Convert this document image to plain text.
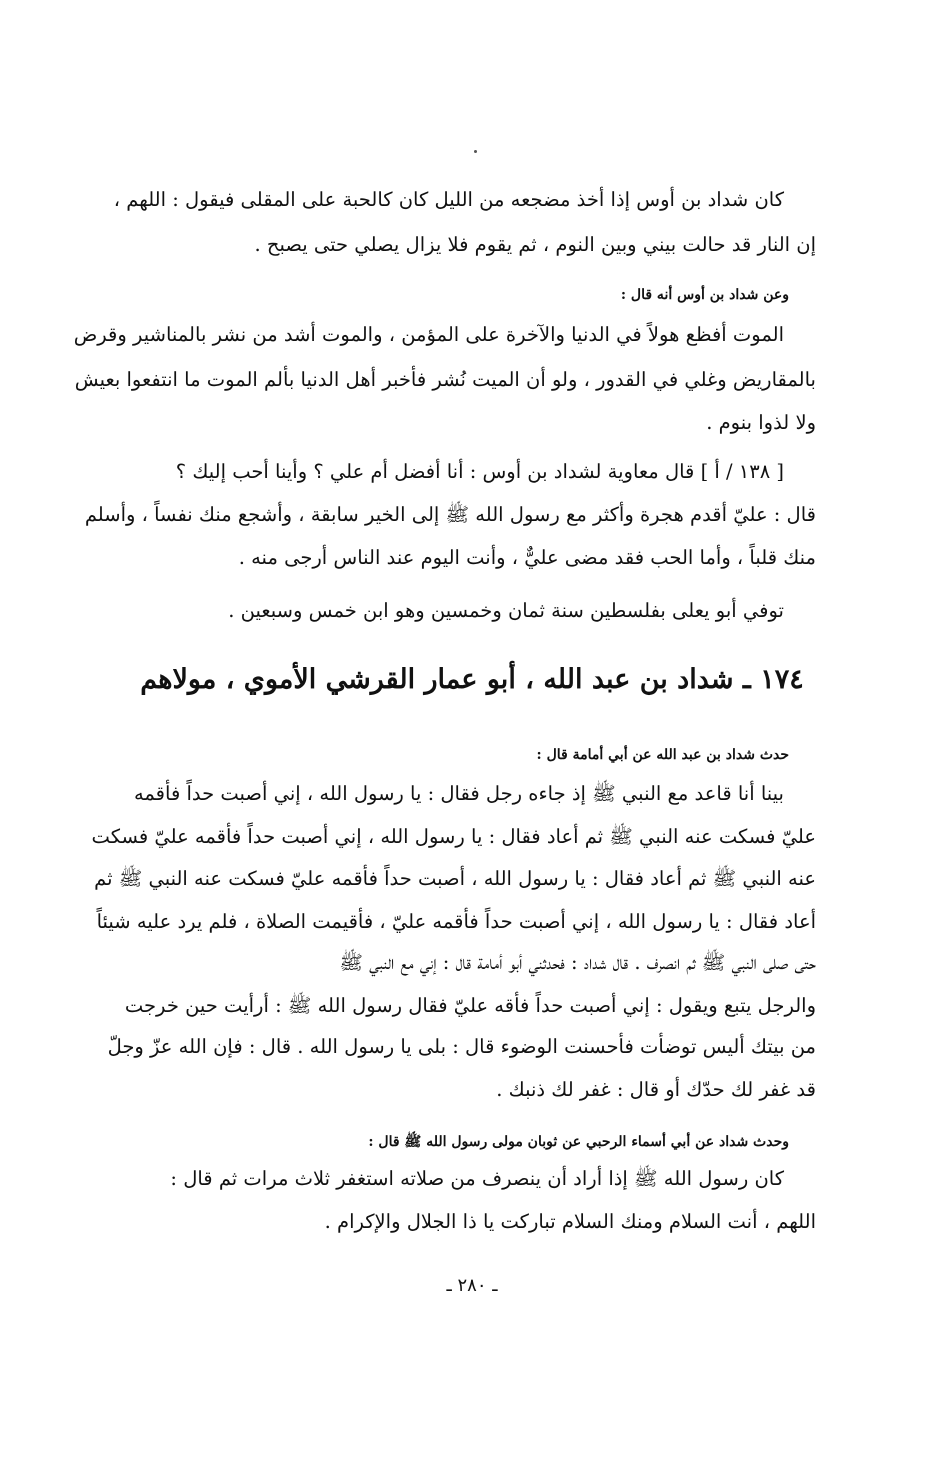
كان شداد بن أوس إذا أخذ مضجعه من الليل كان كالحبة على المقلى فيقول : اللهم ،
إن النار قد حالت بيني وبين النوم ، ثم يقوم فلا يزال يصلي حتى يصبح .
وعن شداد بن أوس أنه قال :
الموت أفظع هولاً في الدنيا والآخرة على المؤمن ، والموت أشد من نشر بالمناشير وقرض
بالمقاريض وغلي في القدور ، ولو أن الميت نُشر فأخبر أهل الدنيا بألم الموت ما انتفعوا بعيش
ولا لذوا بنوم .
[ ١٣٨ / أ ] قال معاوية لشداد بن أوس : أنا أفضل أم علي ؟ وأينا أحب إليك ؟
قال : عليّ أقدم هجرة وأكثر مع رسول الله ﷺ إلى الخير سابقة ، وأشجع منك نفساً ، وأسلم
منك قلباً ، وأما الحب فقد مضى عليٌّ ، وأنت اليوم عند الناس أرجى منه .
توفي أبو يعلى بفلسطين سنة ثمان وخمسين وهو ابن خمس وسبعين .
١٧٤ ـ شداد بن عبد الله ، أبو عمار القرشي الأموي ، مولاهم
حدث شداد بن عبد الله عن أبي أمامة قال :
بينا أنا قاعد مع النبي ﷺ إذ جاءه رجل فقال : يا رسول الله ، إني أصبت حداً فأقمه
عليّ فسكت عنه النبي ﷺ ثم أعاد فقال : يا رسول الله ، إني أصبت حداً فأقمه عليّ فسكت
عنه النبي ﷺ ثم أعاد فقال : يا رسول الله ، أصبت حداً فأقمه عليّ فسكت عنه النبي ﷺ ثم
أعاد فقال : يا رسول الله ، إني أصبت حداً فأقمه عليّ ، فأقيمت الصلاة ، فلم يرد عليه شيئاً
حتى صلى النبي ﷺ ثم انصرف . قال شداد : فحدثني أبو أمامة قال : إني مع النبي ﷺ
والرجل يتبع ويقول : إني أصبت حداً فأقه عليّ فقال رسول الله ﷺ : أرأيت حين خرجت
من بيتك أليس توضأت فأحسنت الوضوء قال : بلى يا رسول الله . قال : فإن الله عزّ وجلّ
قد غفر لك حدّك أو قال : غفر لك ذنبك .
وحدث شداد عن أبي أسماء الرحبي عن ثوبان مولى رسول الله ﷺ قال :
كان رسول الله ﷺ إذا أراد أن ينصرف من صلاته استغفر ثلاث مرات ثم قال :
اللهم ، أنت السلام ومنك السلام تباركت يا ذا الجلال والإكرام .
ـ ٢٨٠ ـ
